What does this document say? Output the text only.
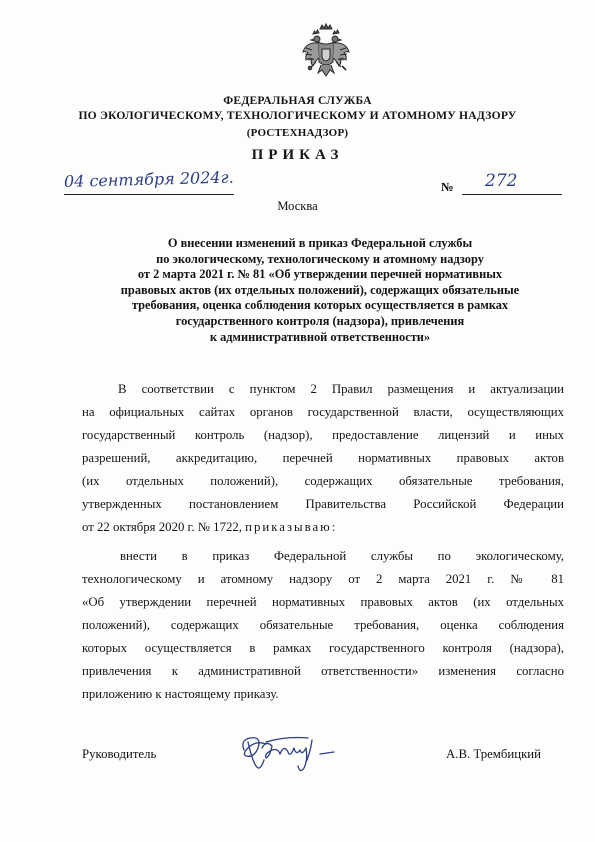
ФЕДЕРАЛЬНАЯ СЛУЖБА
ПО ЭКОЛОГИЧЕСКОМУ, ТЕХНОЛОГИЧЕСКОМУ И АТОМНОМУ НАДЗОРУ
(РОСТЕХНАДЗОР)
ПРИКАЗ
04 сентября 2024г.	№ 272
Москва
О внесении изменений в приказ Федеральной службы
по экологическому, технологическому и атомному надзору
от 2 марта 2021 г. № 81 «Об утверждении перечней нормативных
правовых актов (их отдельных положений), содержащих обязательные
требования, оценка соблюдения которых осуществляется в рамках
государственного контроля (надзора), привлечения
к административной ответственности»
В соответствии с пунктом 2 Правил размещения и актуализации
на официальных сайтах органов государственной власти, осуществляющих
государственный контроль (надзор), предоставление лицензий и иных
разрешений, аккредитацию, перечней нормативных правовых актов
(их отдельных положений), содержащих обязательные требования,
утвержденных постановлением Правительства Российской Федерации
от 22 октября 2020 г. № 1722, приказываю:
внести в приказ Федеральной службы по экологическому,
технологическому и атомному надзору от 2 марта 2021 г. № 81
«Об утверждении перечней нормативных правовых актов (их отдельных
положений), содержащих обязательные требования, оценка соблюдения
которых осуществляется в рамках государственного контроля (надзора),
привлечения к административной ответственности» изменения согласно
приложению к настоящему приказу.
Руководитель	А.В. Трембицкий
